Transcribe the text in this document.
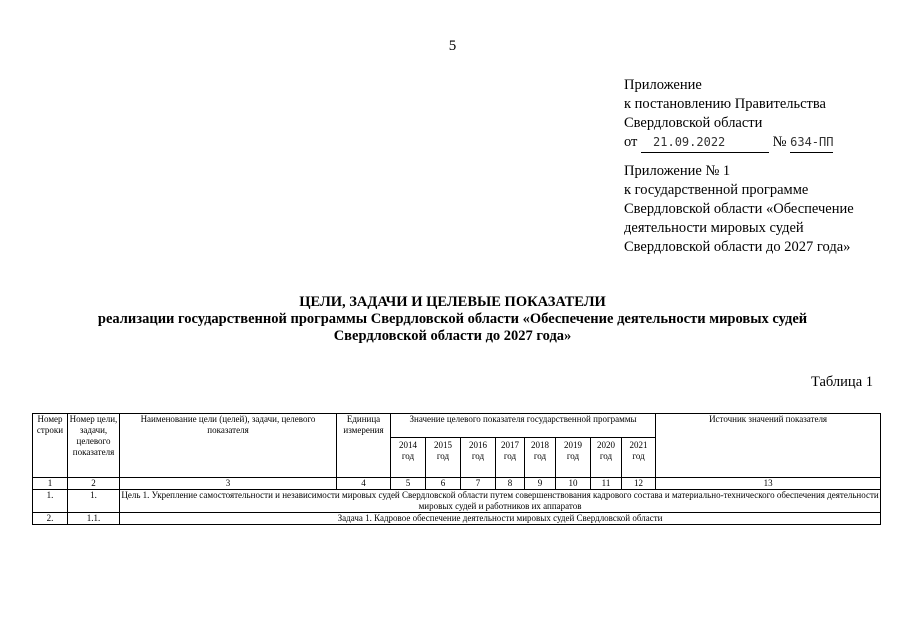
5
Приложение
к постановлению Правительства
Свердловской области
от 21.09.2022	№ 634-ПП
Приложение № 1
к государственной программе
Свердловской области «Обеспечение
деятельности мировых судей
Свердловской области до 2027 года»
ЦЕЛИ, ЗАДАЧИ И ЦЕЛЕВЫЕ ПОКАЗАТЕЛИ
реализации государственной программы Свердловской области «Обеспечение деятельности мировых судей
Свердловской области до 2027 года»
Таблица 1
Номер строки	Номер цели, задачи, целевого показателя	Наименование цели (целей), задачи, целевого показателя	Единица измерения	Значение целевого показателя государственной программы								Источник значений показателя
				2014 год	2015 год	2016 год	2017 год	2018 год	2019 год	2020 год	2021 год	
1	2	3	4	5	6	7	8	9	10	11	12	13
1.	1.	Цель 1. Укрепление самостоятельности и независимости мировых судей Свердловской области путем совершенствования кадрового состава и материально-технического обеспечения деятельности мировых судей и работников их аппаратов										
2.	1.1.	Задача 1. Кадровое обеспечение деятельности мировых судей Свердловской области										
